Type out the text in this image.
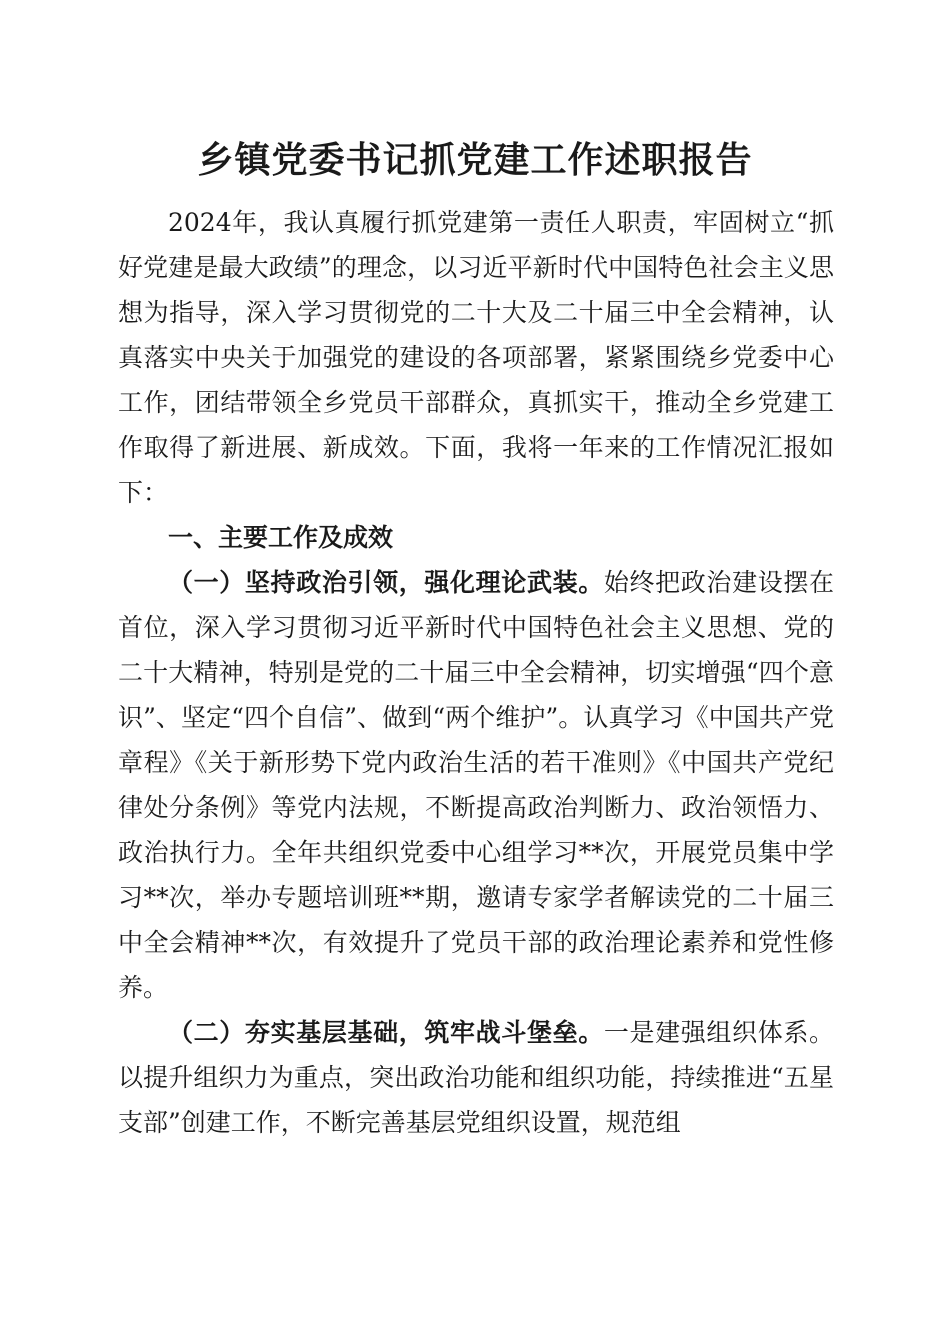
乡镇党委书记抓党建工作述职报告

2024年，我认真履行抓党建第一责任人职责，牢固树立“抓好党建是最大政绩”的理念，以习近平新时代中国特色社会主义思想为指导，深入学习贯彻党的二十大及二十届三中全会精神，认真落实中央关于加强党的建设的各项部署，紧紧围绕乡党委中心工作，团结带领全乡党员干部群众，真抓实干，推动全乡党建工作取得了新进展、新成效。下面，我将一年来的工作情况汇报如下：

一、主要工作及成效

（一）坚持政治引领，强化理论武装。始终把政治建设摆在首位，深入学习贯彻习近平新时代中国特色社会主义思想、党的二十大精神，特别是党的二十届三中全会精神，切实增强“四个意识”、坚定“四个自信”、做到“两个维护”。认真学习《中国共产党章程》《关于新形势下党内政治生活的若干准则》《中国共产党纪律处分条例》等党内法规，不断提高政治判断力、政治领悟力、政治执行力。全年共组织党委中心组学习**次，开展党员集中学习**次，举办专题培训班**期，邀请专家学者解读党的二十届三中全会精神**次，有效提升了党员干部的政治理论素养和党性修养。

（二）夯实基层基础，筑牢战斗堡垒。一是建强组织体系。以提升组织力为重点，突出政治功能和组织功能，持续推进“五星支部”创建工作，不断完善基层党组织设置，规范组
